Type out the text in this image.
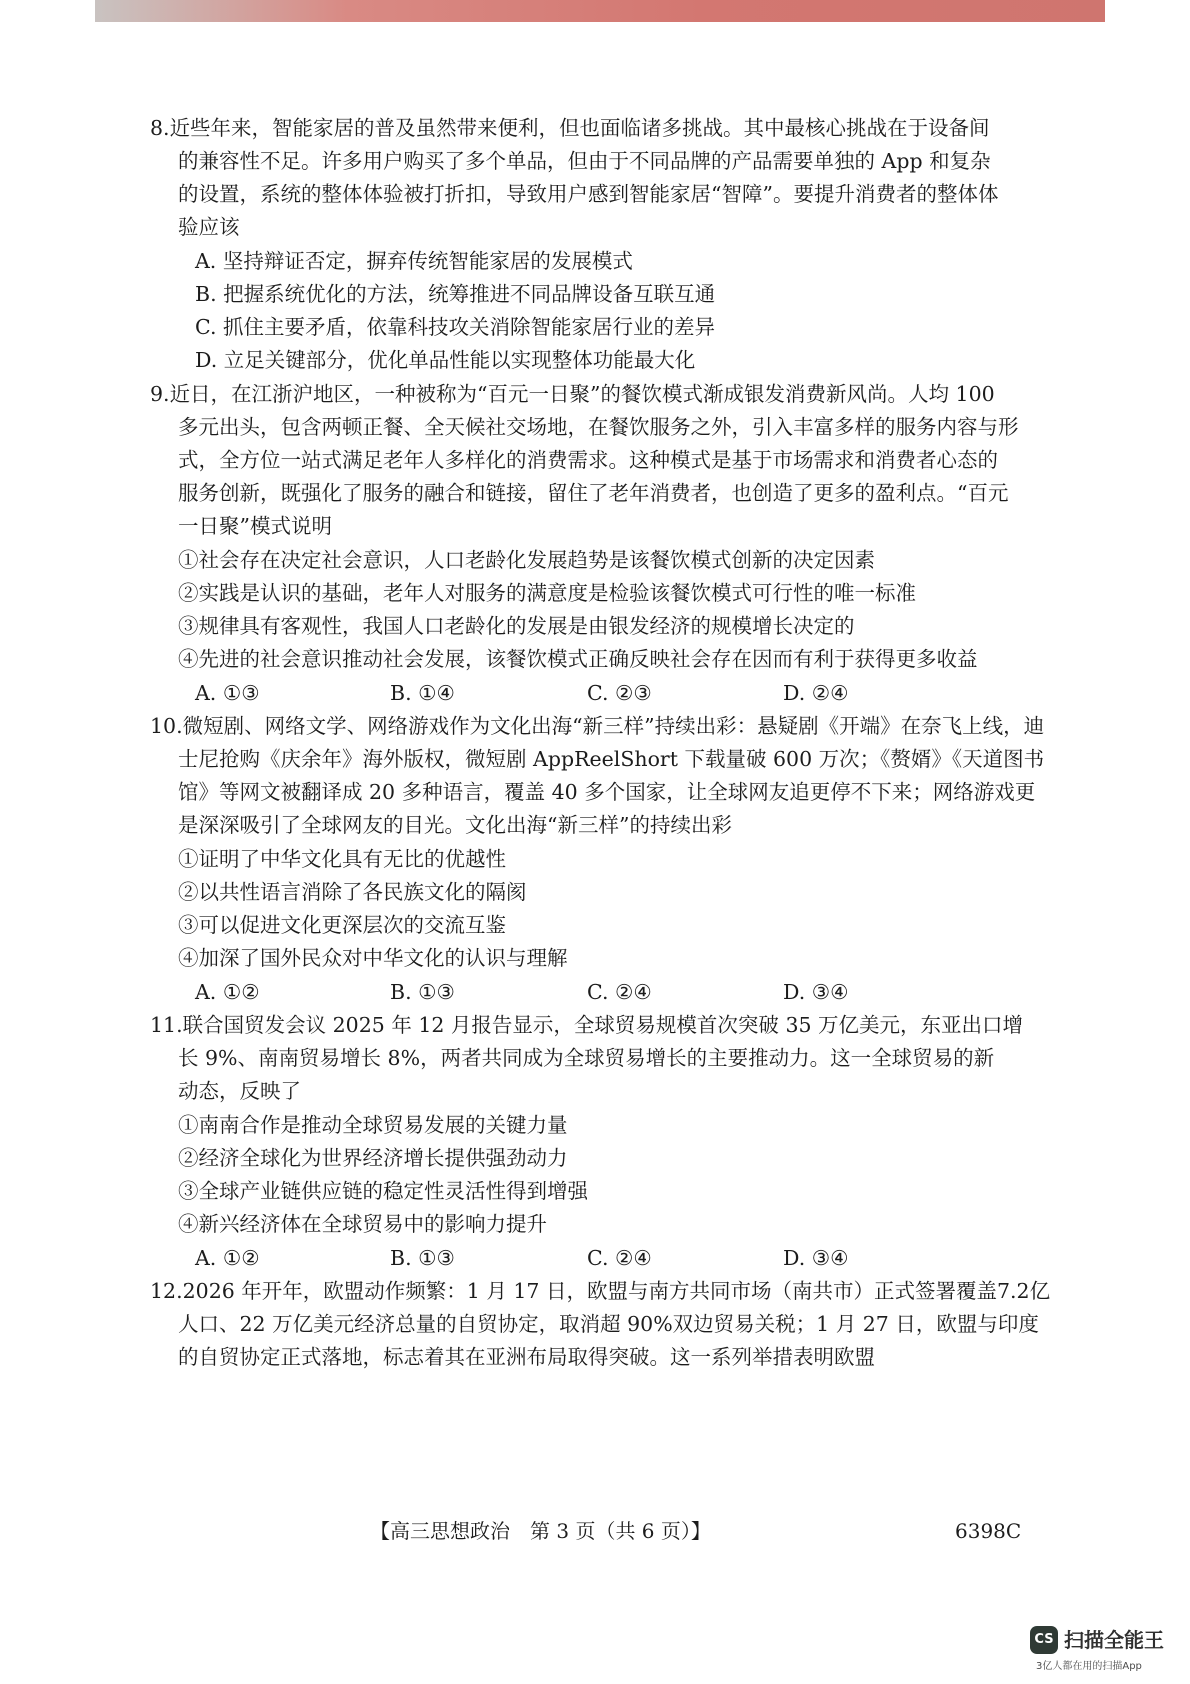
8.近些年来，智能家居的普及虽然带来便利，但也面临诸多挑战。其中最核心挑战在于设备间
的兼容性不足。许多用户购买了多个单品，但由于不同品牌的产品需要单独的 App 和复杂
的设置，系统的整体体验被打折扣，导致用户感到智能家居“智障”。要提升消费者的整体体
验应该
A. 坚持辩证否定，摒弃传统智能家居的发展模式
B. 把握系统优化的方法，统筹推进不同品牌设备互联互通
C. 抓住主要矛盾，依靠科技攻关消除智能家居行业的差异
D. 立足关键部分，优化单品性能以实现整体功能最大化
9.近日，在江浙沪地区，一种被称为“百元一日聚”的餐饮模式渐成银发消费新风尚。人均 100
多元出头，包含两顿正餐、全天候社交场地，在餐饮服务之外，引入丰富多样的服务内容与形
式，全方位一站式满足老年人多样化的消费需求。这种模式是基于市场需求和消费者心态的
服务创新，既强化了服务的融合和链接，留住了老年消费者，也创造了更多的盈利点。“百元
一日聚”模式说明
①社会存在决定社会意识，人口老龄化发展趋势是该餐饮模式创新的决定因素
②实践是认识的基础，老年人对服务的满意度是检验该餐饮模式可行性的唯一标准
③规律具有客观性，我国人口老龄化的发展是由银发经济的规模增长决定的
④先进的社会意识推动社会发展，该餐饮模式正确反映社会存在因而有利于获得更多收益
A. ①③	B. ①④	C. ②③	D. ②④
10.微短剧、网络文学、网络游戏作为文化出海“新三样”持续出彩：悬疑剧《开端》在奈飞上线，迪
士尼抢购《庆余年》海外版权，微短剧 AppReelShort 下载量破 600 万次；《赘婿》《天道图书
馆》等网文被翻译成 20 多种语言，覆盖 40 多个国家，让全球网友追更停不下来；网络游戏更
是深深吸引了全球网友的目光。文化出海“新三样”的持续出彩
①证明了中华文化具有无比的优越性
②以共性语言消除了各民族文化的隔阂
③可以促进文化更深层次的交流互鉴
④加深了国外民众对中华文化的认识与理解
A. ①②	B. ①③	C. ②④	D. ③④
11.联合国贸发会议 2025 年 12 月报告显示，全球贸易规模首次突破 35 万亿美元，东亚出口增
长 9%、南南贸易增长 8%，两者共同成为全球贸易增长的主要推动力。这一全球贸易的新
动态，反映了
①南南合作是推动全球贸易发展的关键力量
②经济全球化为世界经济增长提供强劲动力
③全球产业链供应链的稳定性灵活性得到增强
④新兴经济体在全球贸易中的影响力提升
A. ①②	B. ①③	C. ②④	D. ③④
12.2026 年开年，欧盟动作频繁：1 月 17 日，欧盟与南方共同市场（南共市）正式签署覆盖7.2亿
人口、22 万亿美元经济总量的自贸协定，取消超 90%双边贸易关税；1 月 27 日，欧盟与印度
的自贸协定正式落地，标志着其在亚洲布局取得突破。这一系列举措表明欧盟
【高三思想政治　第 3 页（共 6 页）】	6398C
CS 扫描全能王
3亿人都在用的扫描App
